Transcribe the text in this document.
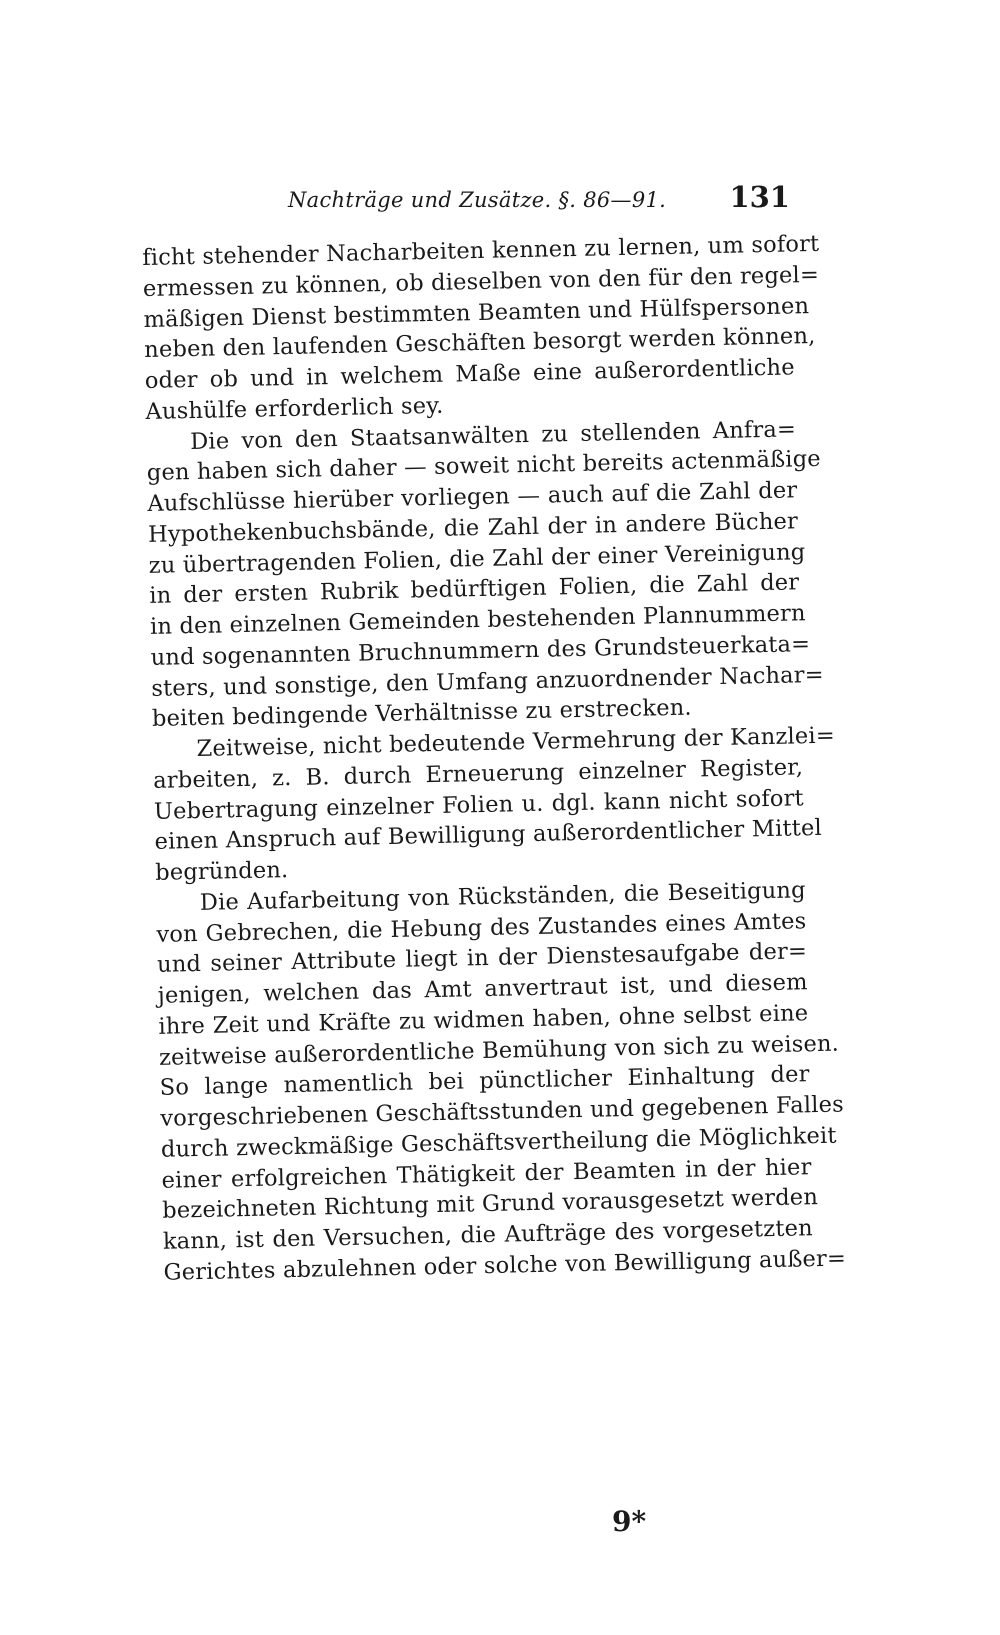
Nachträge und Zusätze. §. 86—91. 131
ficht stehender Nacharbeiten kennen zu lernen, um sofort
ermessen zu können, ob dieselben von den für den regel=
mäßigen Dienst bestimmten Beamten und Hülfspersonen
neben den laufenden Geschäften besorgt werden können,
oder ob und in welchem Maße eine außerordentliche
Aushülfe erforderlich sey.
Die von den Staatsanwälten zu stellenden Anfra=
gen haben sich daher — soweit nicht bereits actenmäßige
Aufschlüsse hierüber vorliegen — auch auf die Zahl der
Hypothekenbuchsbände, die Zahl der in andere Bücher
zu übertragenden Folien, die Zahl der einer Vereinigung
in der ersten Rubrik bedürftigen Folien, die Zahl der
in den einzelnen Gemeinden bestehenden Plannummern
und sogenannten Bruchnummern des Grundsteuerkata=
sters, und sonstige, den Umfang anzuordnender Nachar=
beiten bedingende Verhältnisse zu erstrecken.
Zeitweise, nicht bedeutende Vermehrung der Kanzlei=
arbeiten, z. B. durch Erneuerung einzelner Register,
Uebertragung einzelner Folien u. dgl. kann nicht sofort
einen Anspruch auf Bewilligung außerordentlicher Mittel
begründen.
Die Aufarbeitung von Rückständen, die Beseitigung
von Gebrechen, die Hebung des Zustandes eines Amtes
und seiner Attribute liegt in der Dienstesaufgabe der=
jenigen, welchen das Amt anvertraut ist, und diesem
ihre Zeit und Kräfte zu widmen haben, ohne selbst eine
zeitweise außerordentliche Bemühung von sich zu weisen.
So lange namentlich bei pünctlicher Einhaltung der
vorgeschriebenen Geschäftsstunden und gegebenen Falles
durch zweckmäßige Geschäftsvertheilung die Möglichkeit
einer erfolgreichen Thätigkeit der Beamten in der hier
bezeichneten Richtung mit Grund vorausgesetzt werden
kann, ist den Versuchen, die Aufträge des vorgesetzten
Gerichtes abzulehnen oder solche von Bewilligung außer=
9*
